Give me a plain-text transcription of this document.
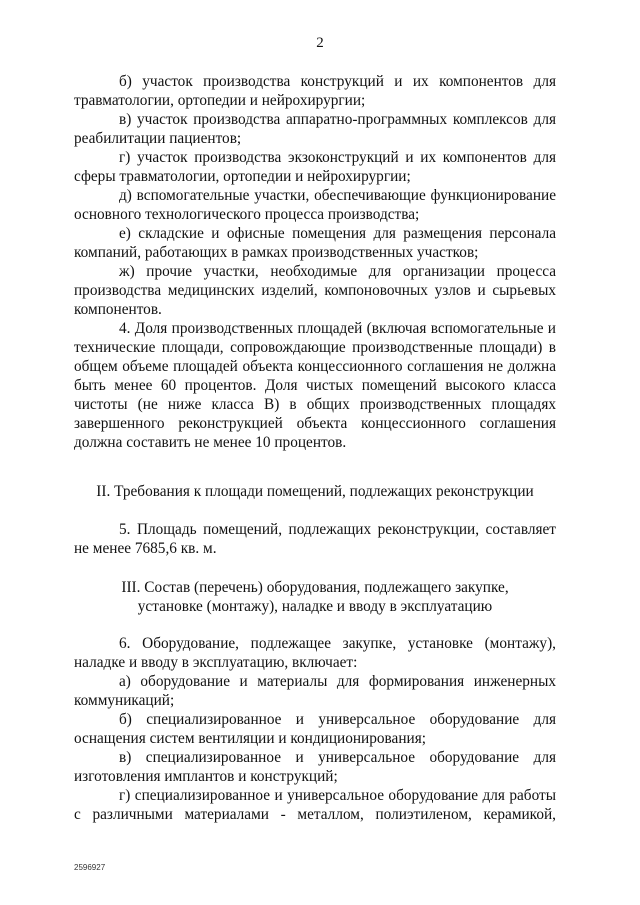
2

б) участок производства конструкций и их компонентов для травматологии, ортопедии и нейрохирургии;

в) участок производства аппаратно-программных комплексов для реабилитации пациентов;

г) участок производства экзоконструкций и их компонентов для сферы травматологии, ортопедии и нейрохирургии;

д) вспомогательные участки, обеспечивающие функционирование основного технологического процесса производства;

е) складские и офисные помещения для размещения персонала компаний, работающих в рамках производственных участков;

ж) прочие участки, необходимые для организации процесса производства медицинских изделий, компоновочных узлов и сырьевых компонентов.

4. Доля производственных площадей (включая вспомогательные и технические площади, сопровождающие производственные площади) в общем объеме площадей объекта концессионного соглашения не должна быть менее 60 процентов. Доля чистых помещений высокого класса чистоты (не ниже класса В) в общих производственных площадях завершенного реконструкцией объекта концессионного соглашения должна составить не менее 10 процентов.

II. Требования к площади помещений, подлежащих реконструкции

5. Площадь помещений, подлежащих реконструкции, составляет не менее 7685,6 кв. м.

III. Состав (перечень) оборудования, подлежащего закупке,

установке (монтажу), наладке и вводу в эксплуатацию

6. Оборудование, подлежащее закупке, установке (монтажу), наладке и вводу в эксплуатацию, включает:

а) оборудование и материалы для формирования инженерных коммуникаций;

б) специализированное и универсальное оборудование для оснащения систем вентиляции и кондиционирования;

в) специализированное и универсальное оборудование для изготовления имплантов и конструкций;

г) специализированное и универсальное оборудование для работы с различными материалами - металлом, полиэтиленом, керамикой,

2596927
